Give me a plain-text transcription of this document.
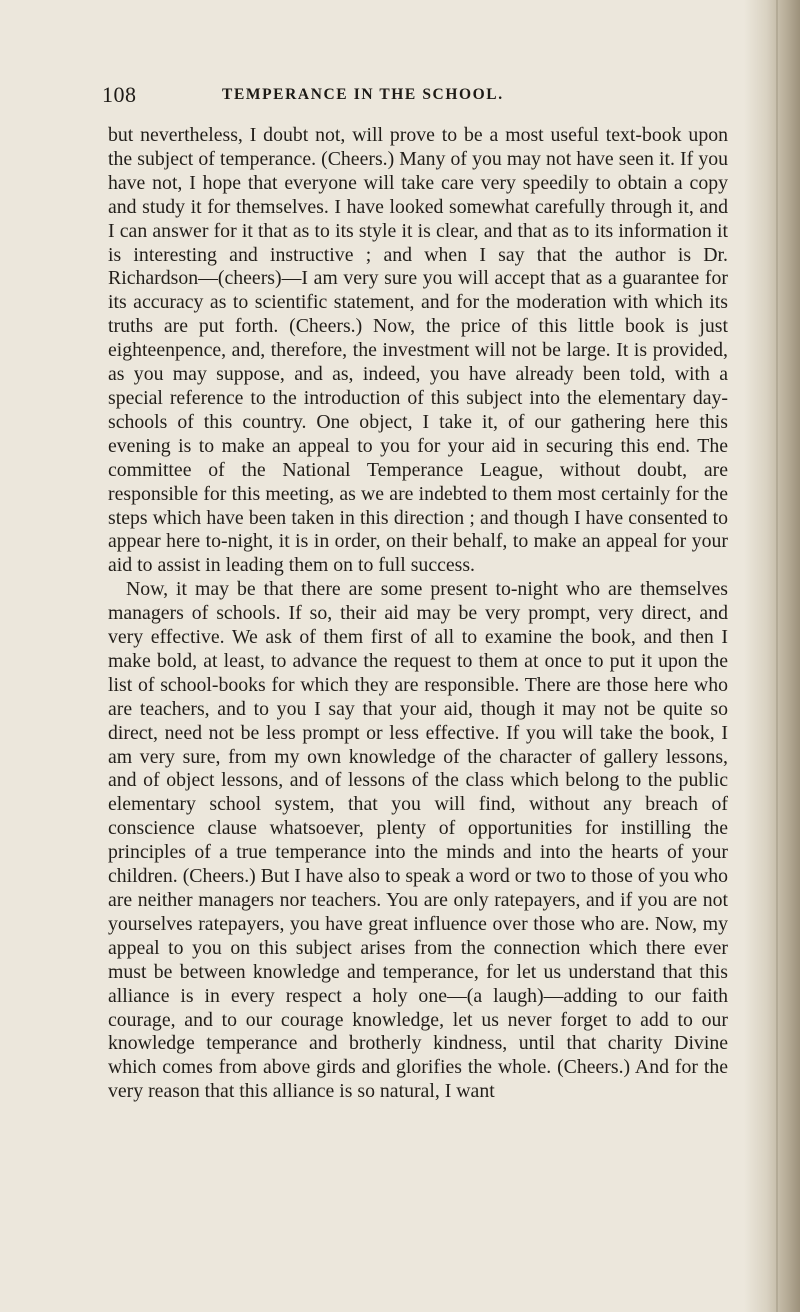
108	TEMPERANCE IN THE SCHOOL.

but nevertheless, I doubt not, will prove to be a most useful text-book upon the subject of temperance. (Cheers.) Many of you may not have seen it. If you have not, I hope that everyone will take care very speedily to obtain a copy and study it for themselves. I have looked somewhat carefully through it, and I can answer for it that as to its style it is clear, and that as to its information it is interesting and instructive ; and when I say that the author is Dr. Richardson—(cheers)—I am very sure you will accept that as a guarantee for its accuracy as to scientific statement, and for the moderation with which its truths are put forth. (Cheers.) Now, the price of this little book is just eighteenpence, and, therefore, the investment will not be large. It is provided, as you may suppose, and as, indeed, you have already been told, with a special reference to the introduction of this subject into the elementary day-schools of this country. One object, I take it, of our gathering here this evening is to make an appeal to you for your aid in securing this end. The committee of the National Temperance League, without doubt, are responsible for this meeting, as we are indebted to them most certainly for the steps which have been taken in this direction ; and though I have consented to appear here to-night, it is in order, on their behalf, to make an appeal for your aid to assist in leading them on to full success.

Now, it may be that there are some present to-night who are themselves managers of schools. If so, their aid may be very prompt, very direct, and very effective. We ask of them first of all to examine the book, and then I make bold, at least, to advance the request to them at once to put it upon the list of school-books for which they are responsible. There are those here who are teachers, and to you I say that your aid, though it may not be quite so direct, need not be less prompt or less effective. If you will take the book, I am very sure, from my own knowledge of the character of gallery lessons, and of object lessons, and of lessons of the class which belong to the public elementary school system, that you will find, without any breach of conscience clause whatsoever, plenty of opportunities for instilling the principles of a true temperance into the minds and into the hearts of your children. (Cheers.) But I have also to speak a word or two to those of you who are neither managers nor teachers. You are only ratepayers, and if you are not yourselves ratepayers, you have great influence over those who are. Now, my appeal to you on this subject arises from the connection which there ever must be between knowledge and temperance, for let us understand that this alliance is in every respect a holy one—(a laugh)—adding to our faith courage, and to our courage knowledge, let us never forget to add to our knowledge temperance and brotherly kindness, until that charity Divine which comes from above girds and glorifies the whole. (Cheers.) And for the very reason that this alliance is so natural, I want
